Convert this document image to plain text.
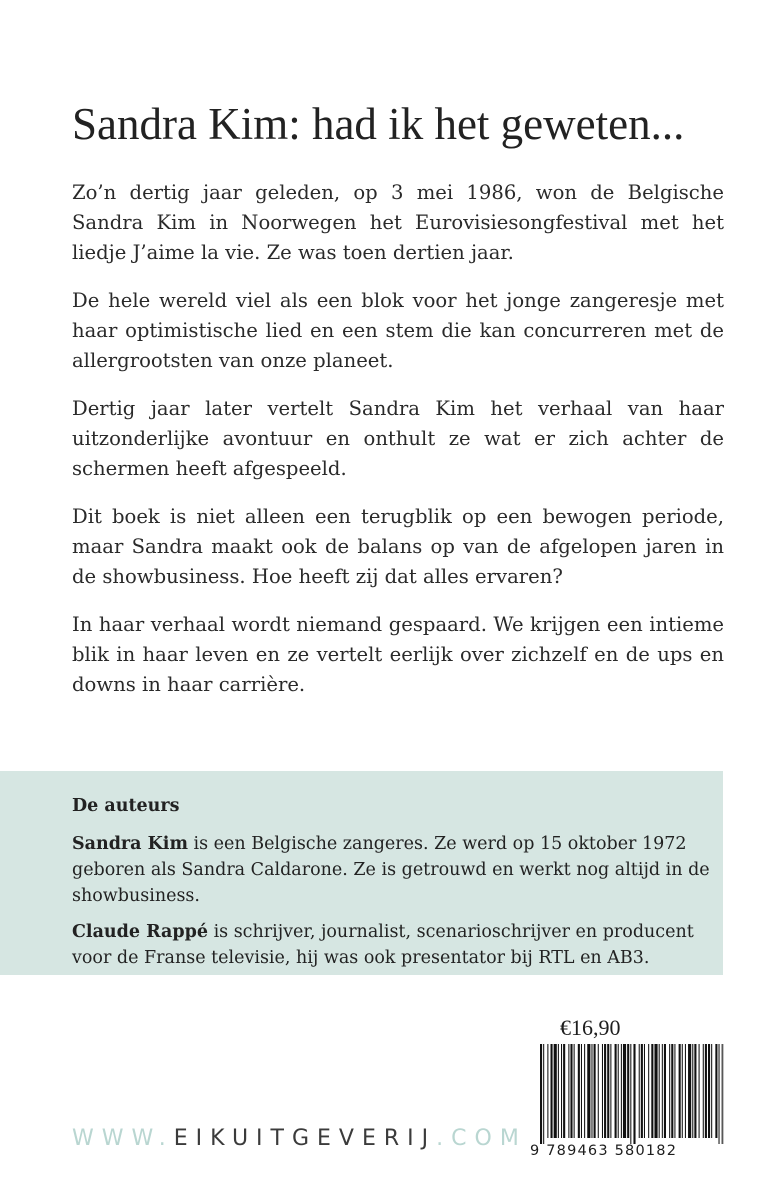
Sandra Kim: had ik het geweten...

Zo’n dertig jaar geleden, op 3 mei 1986, won de Belgische Sandra Kim in Noorwegen het Eurovisiesongfestival met het liedje J’aime la vie. Ze was toen dertien jaar.

De hele wereld viel als een blok voor het jonge zangeresje met haar optimistische lied en een stem die kan concurreren met de allergrootsten van onze planeet.

Dertig jaar later vertelt Sandra Kim het verhaal van haar uitzonderlijke avontuur en onthult ze wat er zich achter de schermen heeft afgespeeld.

Dit boek is niet alleen een terugblik op een bewogen periode, maar Sandra maakt ook de balans op van de afgelopen jaren in de showbusiness. Hoe heeft zij dat alles ervaren?

In haar verhaal wordt niemand gespaard. We krijgen een intieme blik in haar leven en ze vertelt eerlijk over zichzelf en de ups en downs in haar carrière.

De auteurs

Sandra Kim is een Belgische zangeres. Ze werd op 15 oktober 1972 geboren als Sandra Caldarone. Ze is getrouwd en werkt nog altijd in de showbusiness.

Claude Rappé is schrijver, journalist, scenarioschrijver en producent voor de Franse televisie, hij was ook presentator bij RTL en AB3.

WWW.EIKUITGEVERIJ.COM
€16,90
9 789463 580182
